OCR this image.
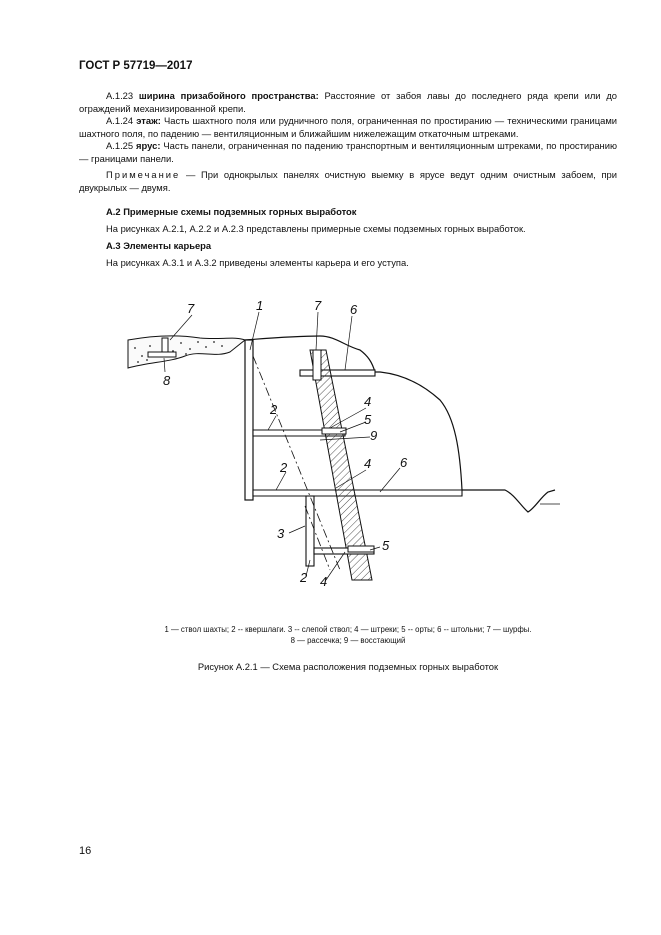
ГОСТ Р 57719—2017

А.1.23 ширина призабойного пространства: Расстояние от забоя лавы до последнего ряда крепи или до ограждений механизированной крепи.

А.1.24 этаж: Часть шахтного поля или рудничного поля, ограниченная по простиранию — техническими границами шахтного поля, по падению — вентиляционным и ближайшим нижележащим откаточным штреками.

А.1.25 ярус: Часть панели, ограниченная по падению транспортным и вентиляционным штреками, по простиранию — границами панели.

Примечание — При однокрылых панелях очистную выемку в ярусе ведут одним очистным забоем, при двукрылых — двумя.

А.2 Примерные схемы подземных горных выработок

На рисунках А.2.1, А.2.2 и А.2.3 представлены примерные схемы подземных горных выработок.

А.3 Элементы карьера

На рисунках А.3.1 и А.3.2 приведены элементы карьера и его уступа.

7
8
1	7 6
2
4
5
9
4 6
2
3
5
2 4
1 — ствол шахты; 2 -- квершлаги. 3 -- слепой ствол; 4 — штреки; 5 -- орты; 6 -- штольни; 7 — шурфы.
8 — рассечка; 9 — восстающий
Рисунок А.2.1 — Схема расположения подземных горных выработок
16
